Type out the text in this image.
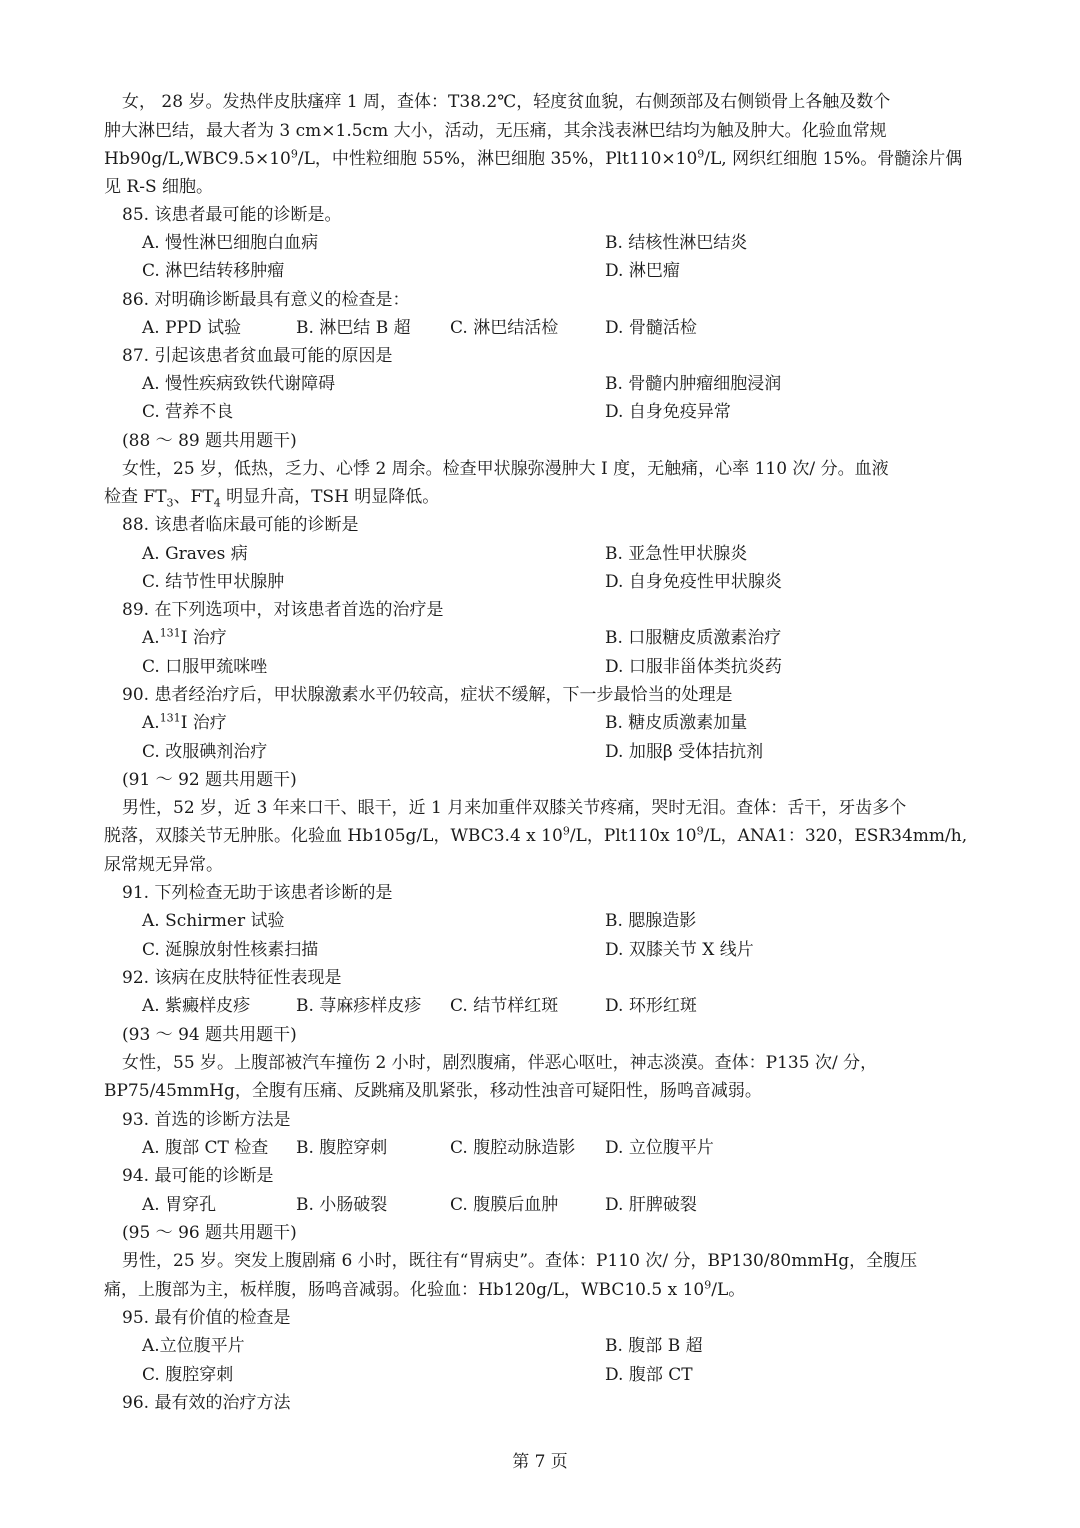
女， 28 岁。发热伴皮肤瘙痒 1 周，查体：T38.2℃，轻度贫血貌，右侧颈部及右侧锁骨上各触及数个
肿大淋巴结，最大者为 3 cm×1.5cm 大小，活动，无压痛，其余浅表淋巴结均为触及肿大。化验血常规
$Hb90g/L,WBC9.5\times 10^9/L$，中性粒细胞 55%，淋巴细胞 35%，$Plt110\times 10^9/L$, 网织红细胞 15%。骨髓涂片偶
见 R-S 细胞。
85. 该患者最可能的诊断是。
A. 慢性淋巴细胞白血病	B. 结核性淋巴结炎
C. 淋巴结转移肿瘤	D. 淋巴瘤
86. 对明确诊断最具有意义的检查是：
A. PPD 试验	B. 淋巴结 B 超 C. 淋巴结活检	D. 骨髓活检
87. 引起该患者贫血最可能的原因是
A. 慢性疾病致铁代谢障碍	B. 骨髓内肿瘤细胞浸润
C. 营养不良	D. 自身免疫异常
(88 ～ 89 题共用题干)
女性，25 岁，低热，乏力、心悸 2 周余。检查甲状腺弥漫肿大 I 度，无触痛，心率 110 次/ 分。血液
检查 $FT_3$、$FT_4$ 明显升高，TSH 明显降低。
88. 该患者临床最可能的诊断是
A. Graves 病	B. 亚急性甲状腺炎
C. 结节性甲状腺肿	D. 自身免疫性甲状腺炎
89. 在下列选项中，对该患者首选的治疗是
A.$^{131}$I 治疗	B. 口服糖皮质激素治疗
C. 口服甲巯咪唑	D. 口服非甾体类抗炎药
90. 患者经治疗后，甲状腺激素水平仍较高，症状不缓解，下一步最恰当的处理是
A.$^{131}$I 治疗	B. 糖皮质激素加量
C. 改服碘剂治疗	D. 加服β 受体拮抗剂
(91 ～ 92 题共用题干)
男性，52 岁，近 3 年来口干、眼干，近 1 月来加重伴双膝关节疼痛，哭时无泪。查体：舌干，牙齿多个
脱落，双膝关节无肿胀。化验血 Hb105g/L，WBC3.4 x $10^9/L$，Plt110x $10^9/L$，ANA1：320，ESR34mm/h,
尿常规无异常。
91. 下列检查无助于该患者诊断的是
A. Schirmer 试验	B. 腮腺造影
C. 涎腺放射性核素扫描	D. 双膝关节 X 线片
92. 该病在皮肤特征性表现是
A. 紫癜样皮疹	B. 荨麻疹样皮疹 C. 结节样红斑	D. 环形红斑
(93 ～ 94 题共用题干)
女性，55 岁。上腹部被汽车撞伤 2 小时，剧烈腹痛，伴恶心呕吐，神志淡漠。查体：P135 次/ 分，
BP75/45mmHg，全腹有压痛、反跳痛及肌紧张，移动性浊音可疑阳性，肠鸣音减弱。
93. 首选的诊断方法是
A. 腹部 CT 检查 B. 腹腔穿刺	C. 腹腔动脉造影 D. 立位腹平片
94. 最可能的诊断是
A. 胃穿孔	B. 小肠破裂	C. 腹膜后血肿	D. 肝脾破裂
(95 ～ 96 题共用题干)
男性，25 岁。突发上腹剧痛 6 小时，既往有“胃病史”。查体：P110 次/ 分，BP130/80mmHg，全腹压
痛，上腹部为主，板样腹，肠鸣音减弱。化验血：Hb120g/L，WBC10.5 x $10^9/L$。
95. 最有价值的检查是
A.立位腹平片	B. 腹部 B 超
C. 腹腔穿刺	D. 腹部 CT
96. 最有效的治疗方法
第 7 页
